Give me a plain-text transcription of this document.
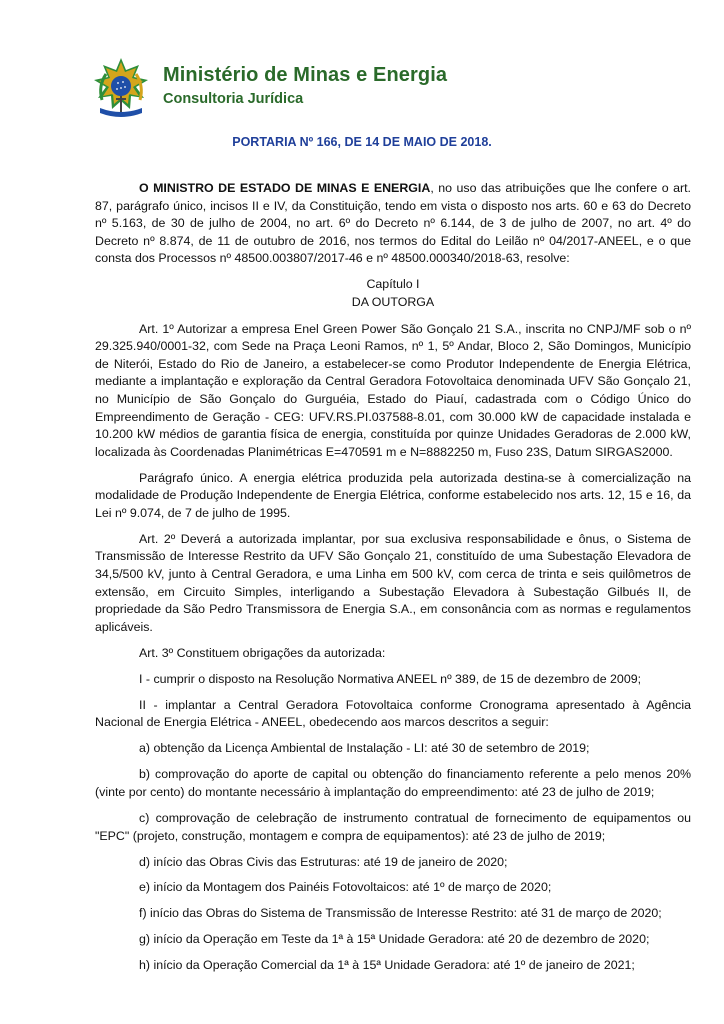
Ministério de Minas e Energia
Consultoria Jurídica
PORTARIA Nº 166, DE 14 DE MAIO DE 2018.

O MINISTRO DE ESTADO DE MINAS E ENERGIA, no uso das atribuições que lhe confere o art. 87, parágrafo único, incisos II e IV, da Constituição, tendo em vista o disposto nos arts. 60 e 63 do Decreto nº 5.163, de 30 de julho de 2004, no art. 6º do Decreto nº 6.144, de 3 de julho de 2007, no art. 4º do Decreto nº 8.874, de 11 de outubro de 2016, nos termos do Edital do Leilão nº 04/2017-ANEEL, e o que consta dos Processos nº 48500.003807/2017-46 e nº 48500.000340/2018-63, resolve:

Capítulo I

DA OUTORGA

Art. 1º Autorizar a empresa Enel Green Power São Gonçalo 21 S.A., inscrita no CNPJ/MF sob o nº 29.325.940/0001-32, com Sede na Praça Leoni Ramos, nº 1, 5º Andar, Bloco 2, São Domingos, Município de Niterói, Estado do Rio de Janeiro, a estabelecer-se como Produtor Independente de Energia Elétrica, mediante a implantação e exploração da Central Geradora Fotovoltaica denominada UFV São Gonçalo 21, no Município de São Gonçalo do Gurguéia, Estado do Piauí, cadastrada com o Código Único do Empreendimento de Geração - CEG: UFV.RS.PI.037588-8.01, com 30.000 kW de capacidade instalada e 10.200 kW médios de garantia física de energia, constituída por quinze Unidades Geradoras de 2.000 kW, localizada às Coordenadas Planimétricas E=470591 m e N=8882250 m, Fuso 23S, Datum SIRGAS2000.

Parágrafo único. A energia elétrica produzida pela autorizada destina-se à comercialização na modalidade de Produção Independente de Energia Elétrica, conforme estabelecido nos arts. 12, 15 e 16, da Lei nº 9.074, de 7 de julho de 1995.

Art. 2º Deverá a autorizada implantar, por sua exclusiva responsabilidade e ônus, o Sistema de Transmissão de Interesse Restrito da UFV São Gonçalo 21, constituído de uma Subestação Elevadora de 34,5/500 kV, junto à Central Geradora, e uma Linha em 500 kV, com cerca de trinta e seis quilômetros de extensão, em Circuito Simples, interligando a Subestação Elevadora à Subestação Gilbués II, de propriedade da São Pedro Transmissora de Energia S.A., em consonância com as normas e regulamentos aplicáveis.

Art. 3º Constituem obrigações da autorizada:

I - cumprir o disposto na Resolução Normativa ANEEL nº 389, de 15 de dezembro de 2009;

II - implantar a Central Geradora Fotovoltaica conforme Cronograma apresentado à Agência Nacional de Energia Elétrica - ANEEL, obedecendo aos marcos descritos a seguir:

a) obtenção da Licença Ambiental de Instalação - LI: até 30 de setembro de 2019;

b) comprovação do aporte de capital ou obtenção do financiamento referente a pelo menos 20% (vinte por cento) do montante necessário à implantação do empreendimento: até 23 de julho de 2019;

c) comprovação de celebração de instrumento contratual de fornecimento de equipamentos ou "EPC" (projeto, construção, montagem e compra de equipamentos): até 23 de julho de 2019;

d) início das Obras Civis das Estruturas: até 19 de janeiro de 2020;

e) início da Montagem dos Painéis Fotovoltaicos: até 1º de março de 2020;

f) início das Obras do Sistema de Transmissão de Interesse Restrito: até 31 de março de 2020;

g) início da Operação em Teste da 1ª à 15ª Unidade Geradora: até 20 de dezembro de 2020;

h) início da Operação Comercial da 1ª à 15ª Unidade Geradora: até 1º de janeiro de 2021;
